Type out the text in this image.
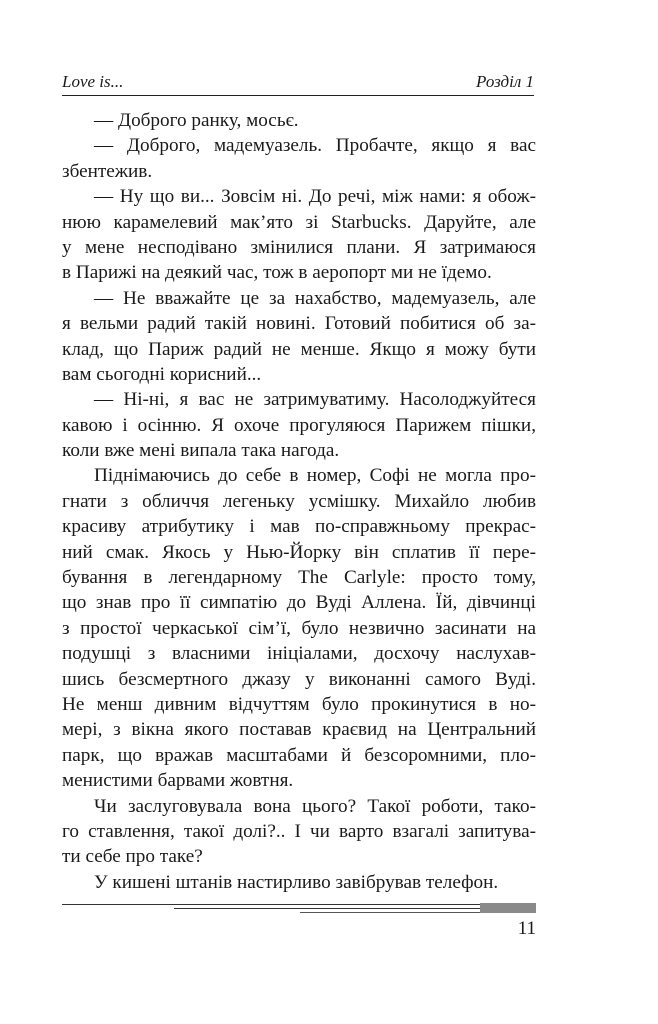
Love is...	Розділ 1
— Доброго ранку, мосьє.
— Доброго, мадемуазель. Пробачте, якщо я вас
збентежив.
— Ну що ви... Зовсім ні. До речі, між нами: я обож-
нюю карамелевий мак’ято зі Starbucks. Даруйте, але
у мене несподівано змінилися плани. Я затримаюся
в Парижі на деякий час, тож в аеропорт ми не їдемо.
— Не вважайте це за нахабство, мадемуазель, але
я вельми радий такій новині. Готовий побитися об за-
клад, що Париж радий не менше. Якщо я можу бути
вам сьогодні корисний...
— Ні-ні, я вас не затримуватиму. Насолоджуйтеся
кавою і осінню. Я охоче прогуляюся Парижем пішки,
коли вже мені випала така нагода.
Піднімаючись до себе в номер, Софі не могла про-
гнати з обличчя легеньку усмішку. Михайло любив
красиву атрибутику і мав по-справжньому прекрас-
ний смак. Якось у Нью-Йорку він сплатив її пере-
бування в легендарному The Carlyle: просто тому,
що знав про її симпатію до Вуді Аллена. Їй, дівчинці
з простої черкаської сім’ї, було незвично засинати на
подушці з власними ініціалами, досхочу наслухав-
шись безсмертного джазу у виконанні самого Вуді.
Не менш дивним відчуттям було прокинутися в но-
мері, з вікна якого поставав краєвид на Центральний
парк, що вражав масштабами й безсоромними, пло-
менистими барвами жовтня.
Чи заслуговувала вона цього? Такої роботи, тако-
го ставлення, такої долі?.. І чи варто взагалі запитува-
ти себе про таке?
У кишені штанів настирливо завібрував телефон.
11
